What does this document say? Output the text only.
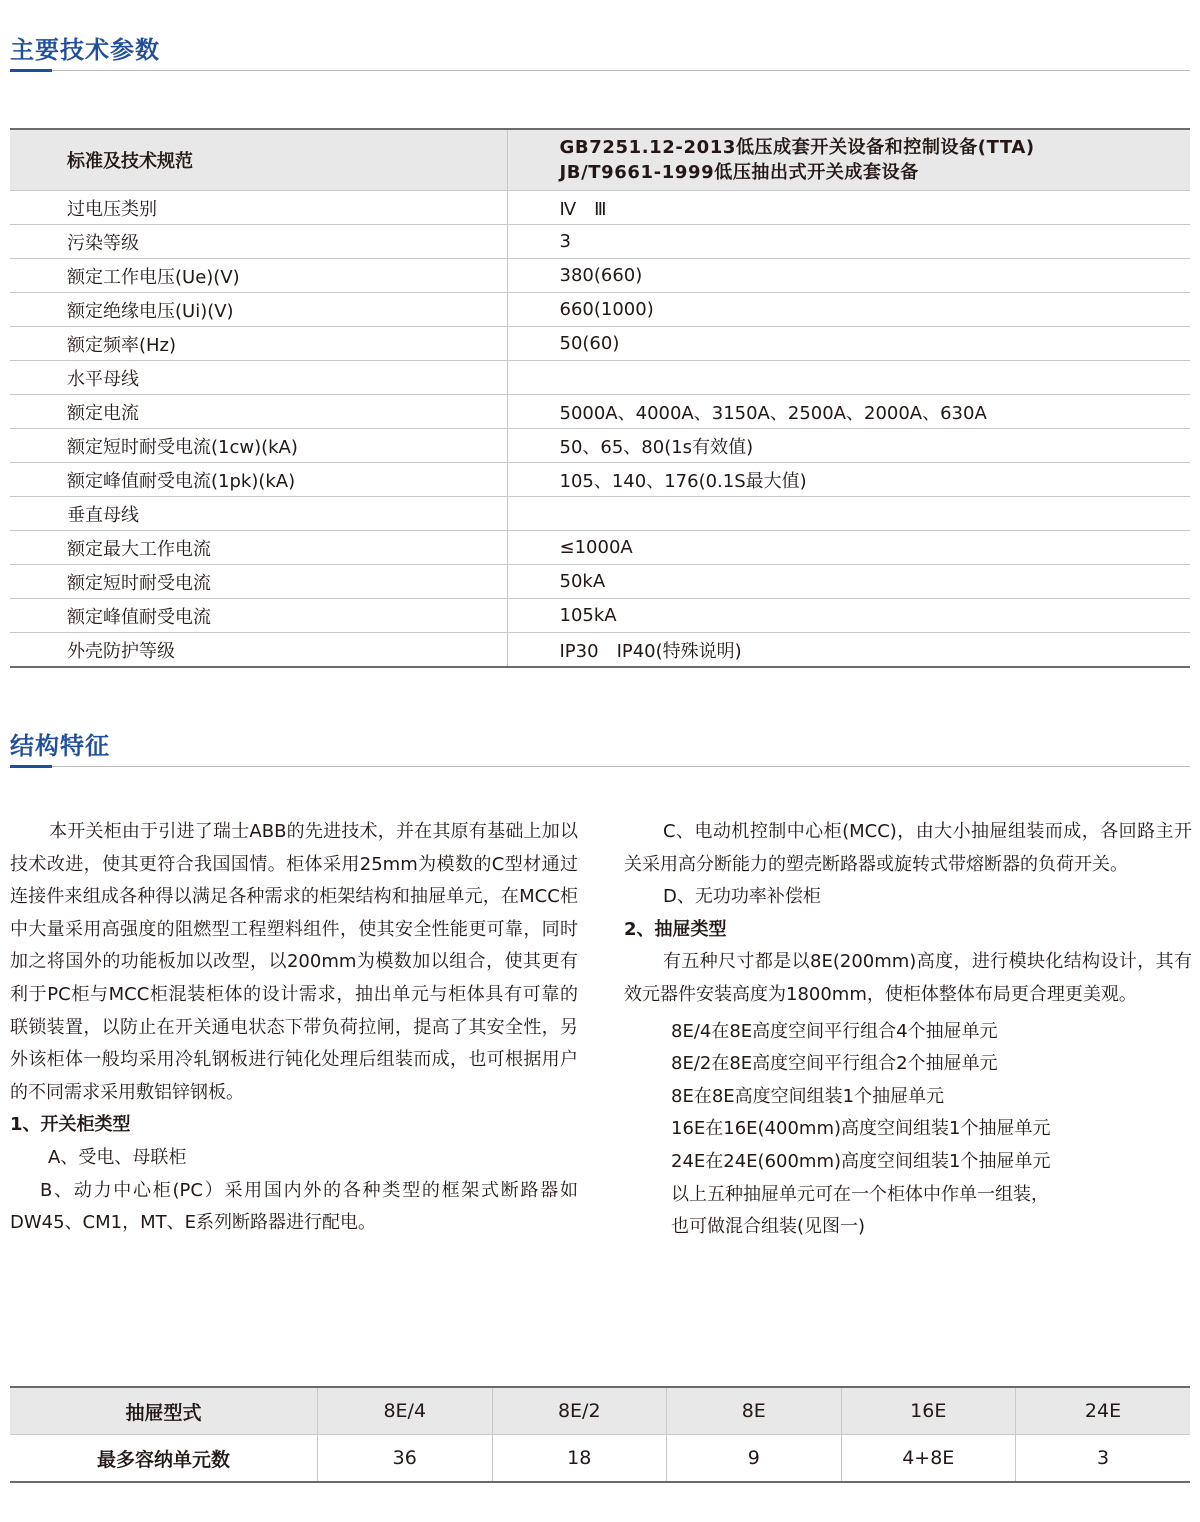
主要技术参数
标准及技术规范	GB7251.12-2013低压成套开关设备和控制设备(TTA)
JB/T9661-1999低压抽出式开关成套设备

过电压类别	Ⅳ　Ⅲ
污染等级	3
额定工作电压(Ue)(V)	380(660)
额定绝缘电压(Ui)(V)	660(1000)
额定频率(Hz)	50(60)
水平母线	
额定电流	5000A、4000A、3150A、2500A、2000A、630A
额定短时耐受电流(1cw)(kA)	50、65、80(1s有效值)
额定峰值耐受电流(1pk)(kA)	105、140、176(0.1S最大值)
垂直母线	
额定最大工作电流	≤1000A
额定短时耐受电流	50kA
额定峰值耐受电流	105kA
外壳防护等级	IP30　IP40(特殊说明)
结构特征

本开关柜由于引进了瑞士ABB的先进技术，并在其原有基础上加以技术改进，使其更符合我国国情。柜体采用25mm为模数的C型材通过连接件来组成各种得以满足各种需求的柜架结构和抽屉单元，在MCC柜中大量采用高强度的阻燃型工程塑料组件，使其安全性能更可靠，同时加之将国外的功能板加以改型，以200mm为模数加以组合，使其更有利于PC柜与MCC柜混装柜体的设计需求，抽出单元与柜体具有可靠的联锁装置，以防止在开关通电状态下带负荷拉闸，提高了其安全性，另外该柜体一般均采用冷轧钢板进行钝化处理后组装而成，也可根据用户的不同需求采用敷铝锌钢板。

1、开关柜类型

A、受电、母联柜

B、动力中心柜(PC）采用国内外的各种类型的框架式断路器如DW45、CM1，MT、E系列断路器进行配电。

C、电动机控制中心柜(MCC)，由大小抽屉组装而成，各回路主开关采用高分断能力的塑壳断路器或旋转式带熔断器的负荷开关。

D、无功功率补偿柜

2、抽屉类型

有五种尺寸都是以8E(200mm)高度，进行模块化结构设计，其有效元器件安装高度为1800mm，使柜体整体布局更合理更美观。

8E/4在8E高度空间平行组合4个抽屉单元

8E/2在8E高度空间平行组合2个抽屉单元

8E在8E高度空间组装1个抽屉单元

16E在16E(400mm)高度空间组装1个抽屉单元

24E在24E(600mm)高度空间组装1个抽屉单元

以上五种抽屉单元可在一个柜体中作单一组装，

也可做混合组装(见图一)

抽屉型式	8E/4	8E/2	8E	16E	24E
最多容纳单元数	36	18	9	4+8E	3
